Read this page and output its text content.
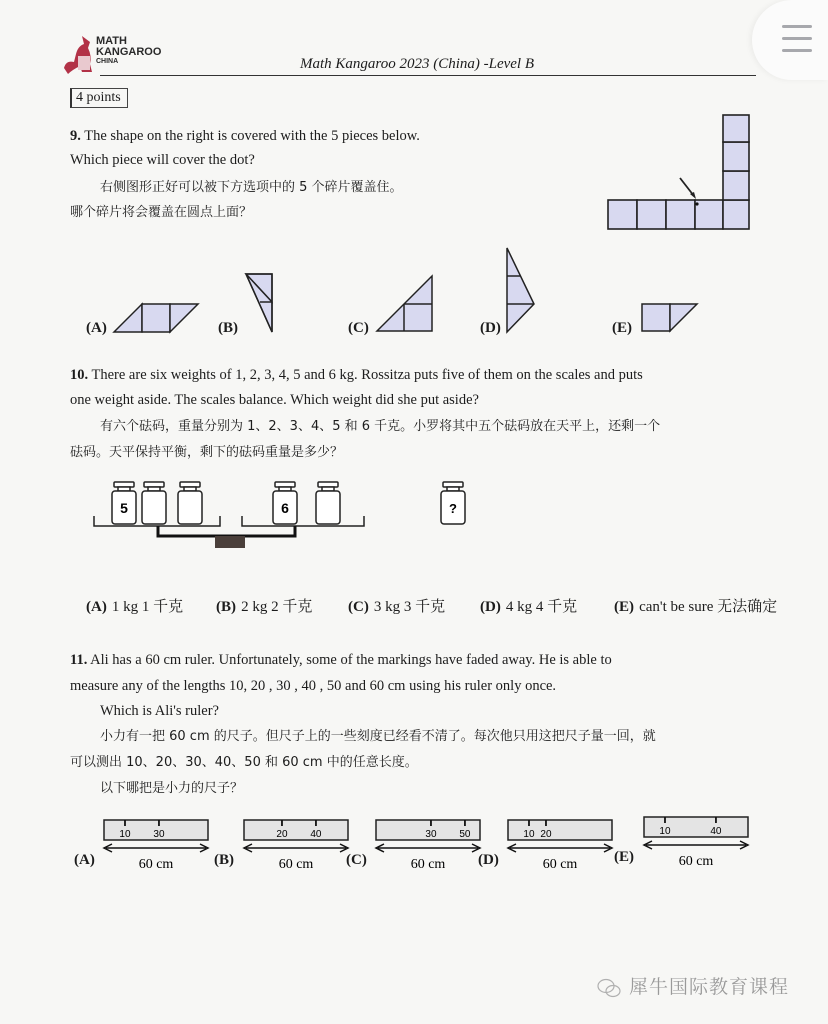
MATH
KANGAROO
CHINA	Math Kangaroo 2023 (China) -Level B
4 points
9. The shape on the right is covered with the 5 pieces below.
Which piece will cover the dot?
右侧图形正好可以被下方选项中的 5 个碎片覆盖住。
哪个碎片将会覆盖在圆点上面？
(A)	(B)	(C)	(D)	(E)
10. There are six weights of 1, 2, 3, 4, 5 and 6 kg. Rossitza puts five of them on the scales and puts
one weight aside. The scales balance. Which weight did she put aside?
有六个砝码，重量分别为 1、2、3、4、5 和 6 千克。小罗将其中五个砝码放在天平上，还剩一个
砝码。天平保持平衡，剩下的砝码重量是多少？
5	6	?
(A) 1 kg 1 千克 (B) 2 kg 2 千克 (C) 3 kg 3 千克 (D) 4 kg 4 千克 (E) can't be sure 无法确定
11. Ali has a 60 cm ruler. Unfortunately, some of the markings have faded away. He is able to
measure any of the lengths 10, 20 , 30 , 40 , 50 and 60 cm using his ruler only once.
Which is Ali's ruler?
小力有一把 60 cm 的尺子。但尺子上的一些刻度已经看不清了。每次他只用这把尺子量一回，就
可以测出 10、20、30、40、50 和 60 cm 中的任意长度。
以下哪把是小力的尺子？
(A)
10 30
60 cm	(B)
20 40
60 cm (C)
30 50
60 cm (D)
10 20
60 cm (E)
10	40
60 cm
犀牛国际教育课程
